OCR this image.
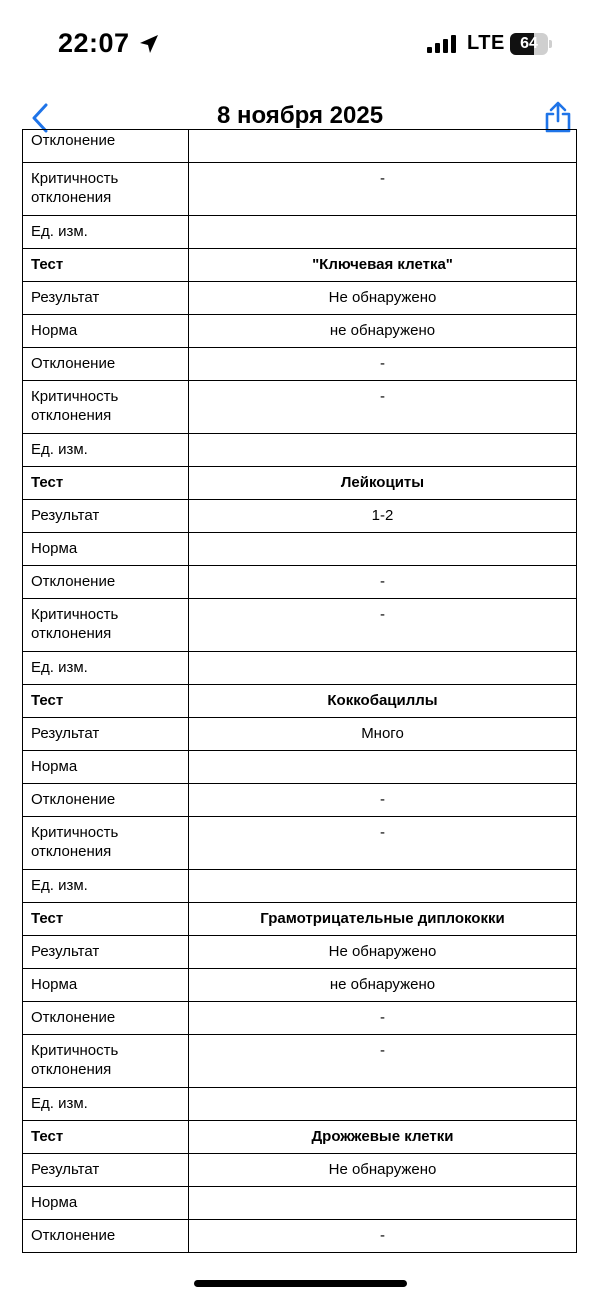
22:07	LTE 64
8 ноября 2025
Отклонение	
Критичность отклонения	-
Ед. изм.	
Тест	"Ключевая клетка"
Результат	Не обнаружено
Норма	не обнаружено
Отклонение	-
Критичность отклонения	-
Ед. изм.	
Тест	Лейкоциты
Результат	1-2
Норма	
Отклонение	-
Критичность отклонения	-
Ед. изм.	
Тест	Коккобациллы
Результат	Много
Норма	
Отклонение	-
Критичность отклонения	-
Ед. изм.	
Тест	Грамотрицательные диплококки
Результат	Не обнаружено
Норма	не обнаружено
Отклонение	-
Критичность отклонения	-
Ед. изм.	
Тест	Дрожжевые клетки
Результат	Не обнаружено
Норма	
Отклонение	-
